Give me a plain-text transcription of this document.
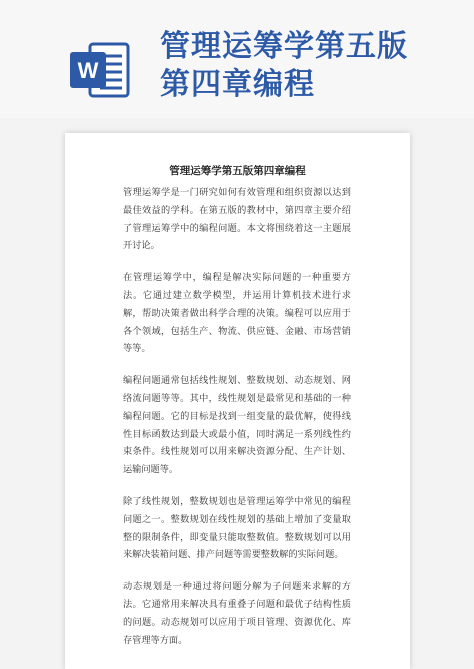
W
管理运筹学第五版
第四章编程
管理运筹学第五版第四章编程

管理运筹学是一门研究如何有效管理和组织资源以达到最佳效益的学科。在第五版的教材中，第四章主要介绍了管理运筹学中的编程问题。本文将围绕着这一主题展开讨论。

在管理运筹学中，编程是解决实际问题的一种重要方法。它通过建立数学模型，并运用计算机技术进行求解，帮助决策者做出科学合理的决策。编程可以应用于各个领域，包括生产、物流、供应链、金融、市场营销等等。

编程问题通常包括线性规划、整数规划、动态规划、网络流问题等等。其中，线性规划是最常见和基础的一种编程问题。它的目标是找到一组变量的最优解，使得线性目标函数达到最大或最小值，同时满足一系列线性约束条件。线性规划可以用来解决资源分配、生产计划、运输问题等。

除了线性规划，整数规划也是管理运筹学中常见的编程问题之一。整数规划在线性规划的基础上增加了变量取整的限制条件，即变量只能取整数值。整数规划可以用来解决装箱问题、排产问题等需要整数解的实际问题。

动态规划是一种通过将问题分解为子问题来求解的方法。它通常用来解决具有重叠子问题和最优子结构性质的问题。动态规划可以应用于项目管理、资源优化、库存管理等方面。
